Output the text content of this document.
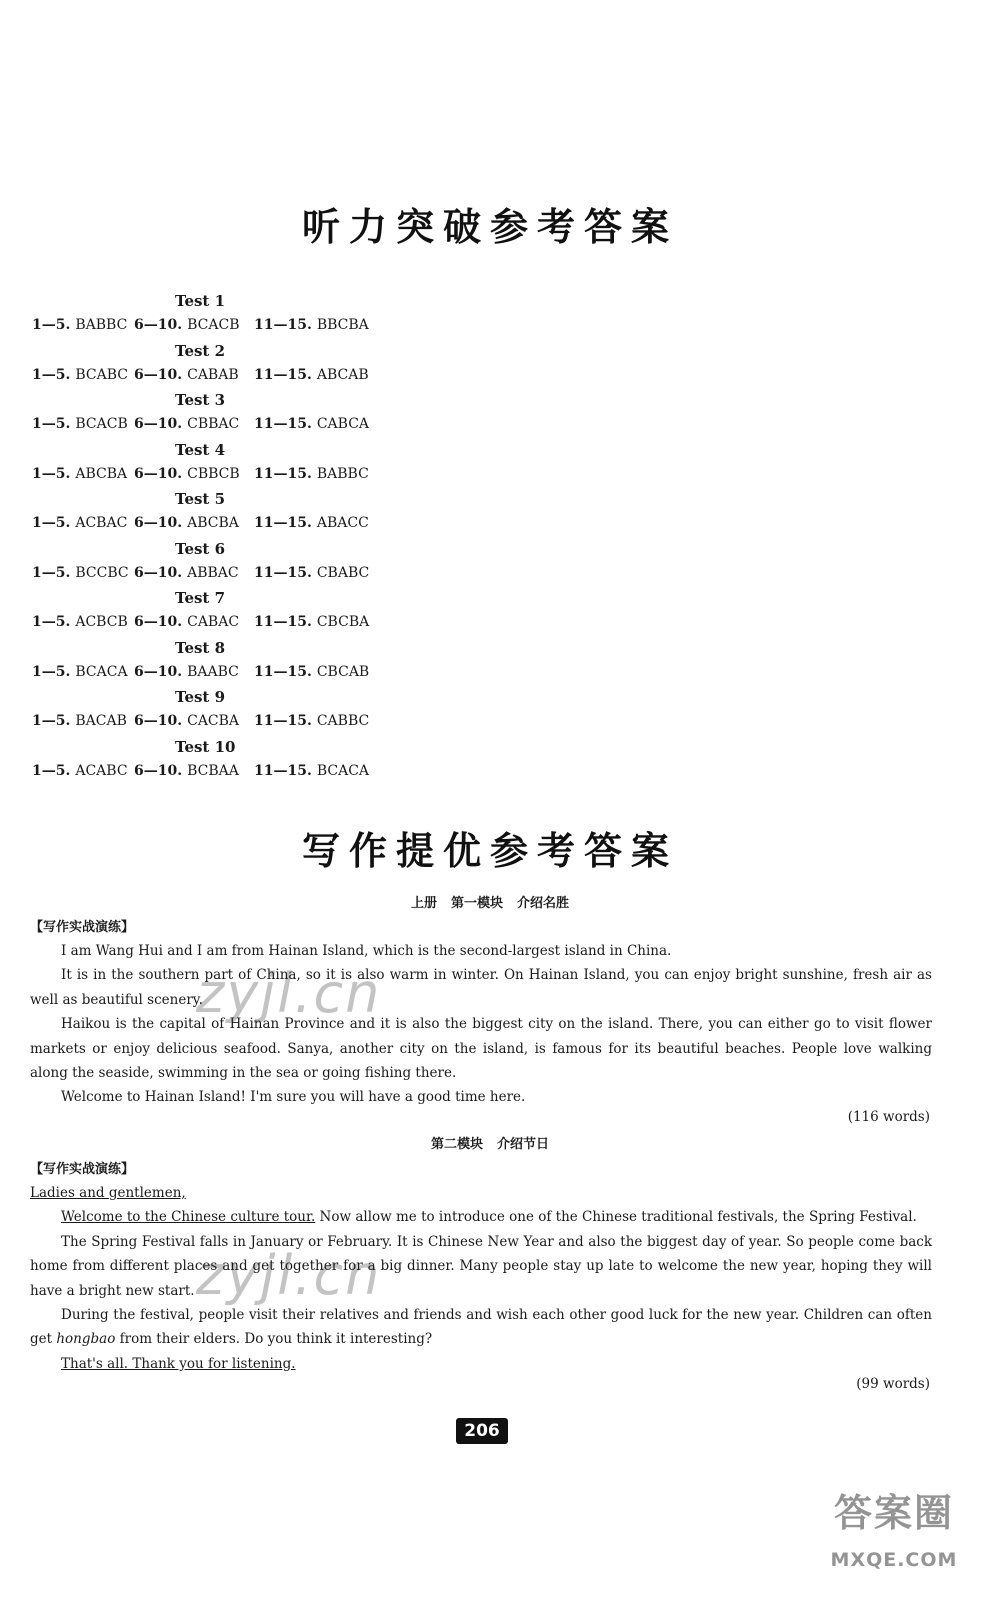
听力突破参考答案
Test 1
1—5. BABBC 6—10. BCACB 11—15. BBCBA
Test 2
1—5. BCABC 6—10. CABAB 11—15. ABCAB
Test 3
1—5. BCACB 6—10. CBBAC 11—15. CABCA
Test 4
1—5. ABCBA 6—10. CBBCB 11—15. BABBC
Test 5
1—5. ACBAC 6—10. ABCBA 11—15. ABACC
Test 6
1—5. BCCBC 6—10. ABBAC 11—15. CBABC
Test 7
1—5. ACBCB 6—10. CABAC 11—15. CBCBA
Test 8
1—5. BCACA 6—10. BAABC 11—15. CBCAB
Test 9
1—5. BACAB 6—10. CACBA 11—15. CABBC
Test 10
1—5. ACABC 6—10. BCBAA 11—15. BCACA
写作提优参考答案
上册 第一模块 介绍名胜
【写作实战演练】

I am Wang Hui and I am from Hainan Island, which is the second-largest island in China.

It is in the southern part of China, so it is also warm in winter. On Hainan Island, you can enjoy bright sunshine, fresh air as well as beautiful scenery.

Haikou is the capital of Hainan Province and it is also the biggest city on the island. There, you can either go to visit flower markets or enjoy delicious seafood. Sanya, another city on the island, is famous for its beautiful beaches. People love walking along the seaside, swimming in the sea or going fishing there.

Welcome to Hainan Island! I'm sure you will have a good time here.

(116 words)
第二模块 介绍节日
【写作实战演练】

Ladies and gentlemen,

Welcome to the Chinese culture tour. Now allow me to introduce one of the Chinese traditional festivals, the Spring Festival.

The Spring Festival falls in January or February. It is Chinese New Year and also the biggest day of year. So people come back home from different places and get together for a big dinner. Many people stay up late to welcome the new year, hoping they will have a bright new start.

During the festival, people visit their relatives and friends and wish each other good luck for the new year. Children can often get hongbao from their elders. Do you think it interesting?

That's all. Thank you for listening.

(99 words)
206
zyjl.cn
zyjl.cn
答案圈
MXQE.COM
